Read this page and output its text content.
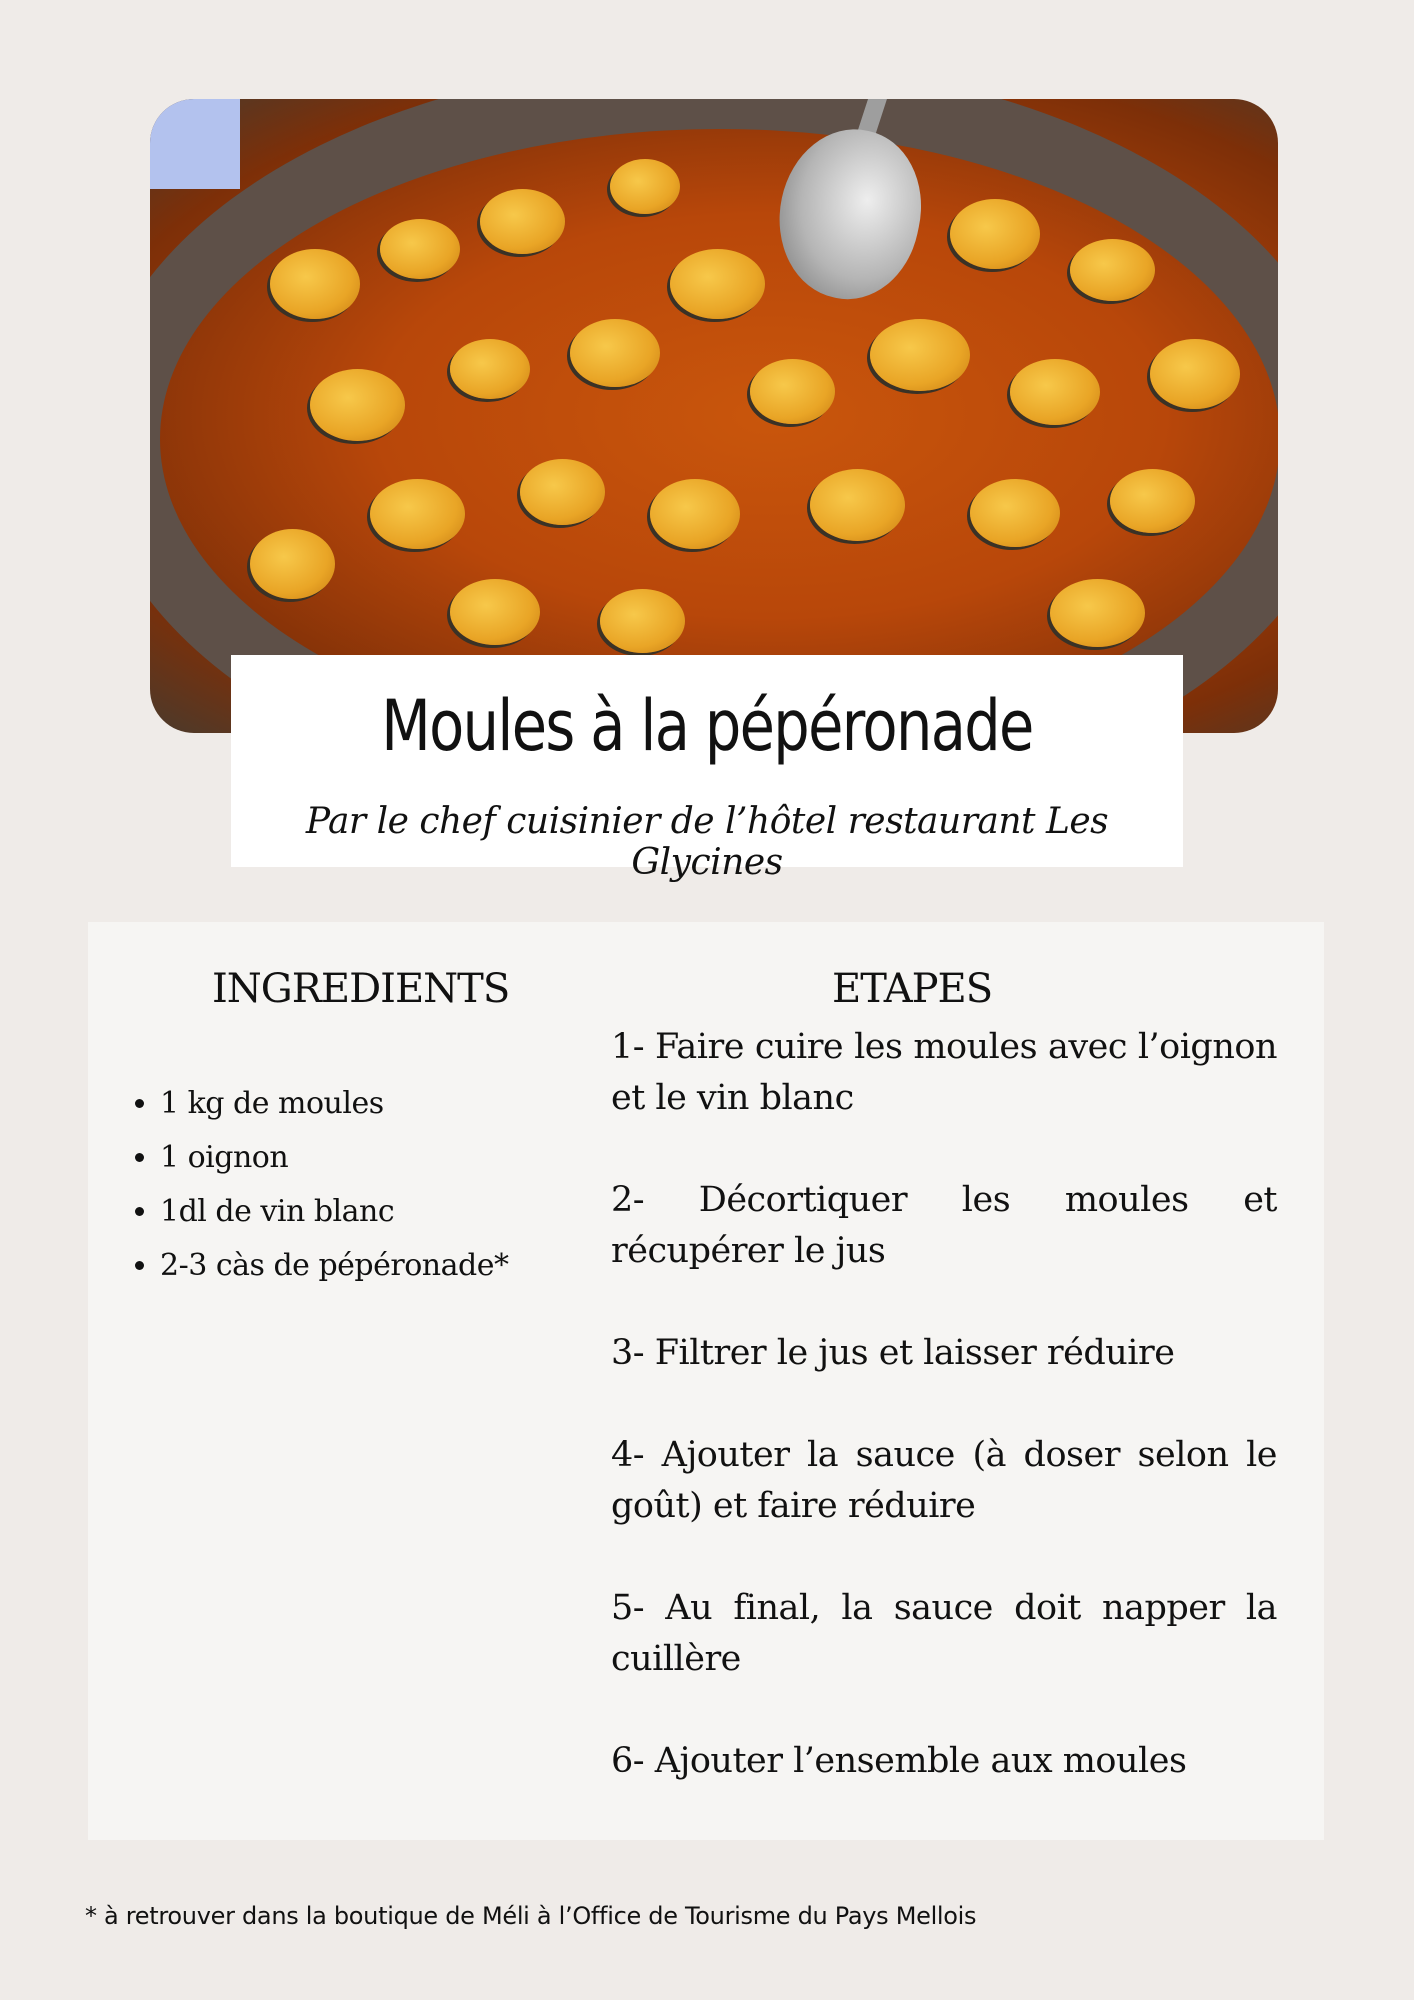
Moules à la pépéronade

Par le chef cuisinier de l’hôtel restaurant Les Glycines

INGREDIENTS	ETAPES
• 1 kg de moules
• 1 oignon
• 1dl de vin blanc
• 2-3 càs de pépéronade*

1- Faire cuire les moules avec l’oignon et le vin blanc

2- Décortiquer les moules et récupérer le jus

3- Filtrer le jus et laisser réduire

4- Ajouter la sauce (à doser selon le goût) et faire réduire

5- Au final, la sauce doit napper la cuillère

6- Ajouter l’ensemble aux moules

* à retrouver dans la boutique de Méli à l’Office de Tourisme du Pays Mellois
